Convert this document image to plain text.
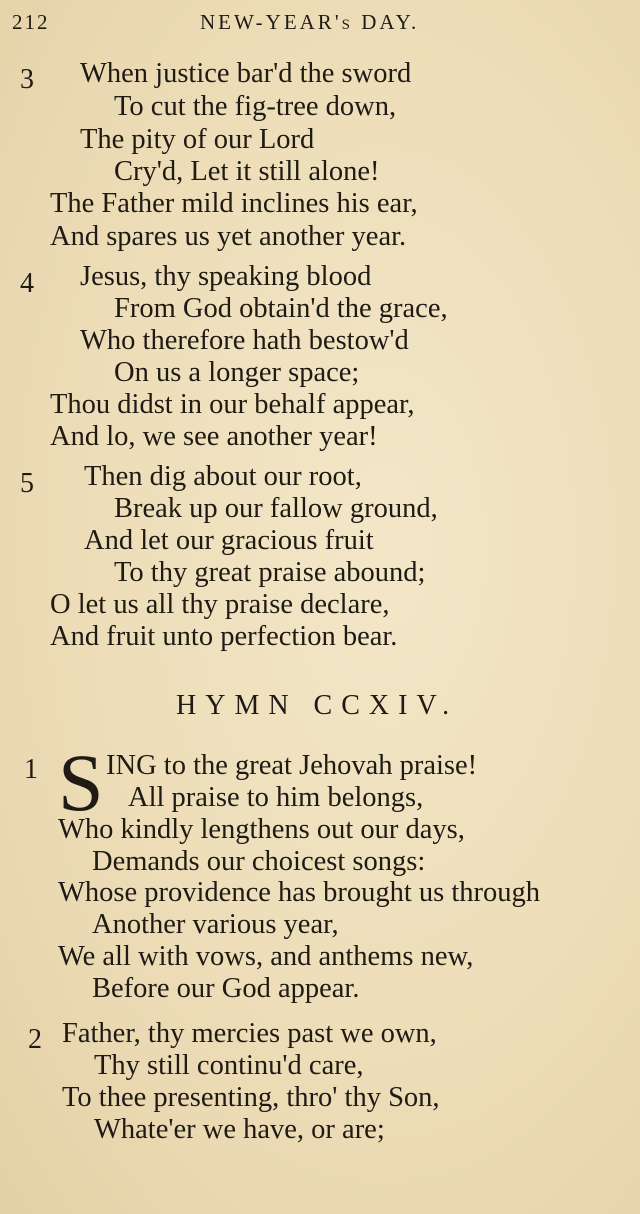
212	NEW-YEAR's DAY.
3 When justice bar'd the sword
To cut the fig-tree down,
The pity of our Lord
Cry'd, Let it still alone!
The Father mild inclines his ear,
And spares us yet another year.
4 Jesus, thy speaking blood
From God obtain'd the grace,
Who therefore hath bestow'd
On us a longer space;
Thou didst in our behalf appear,
And lo, we see another year!
5 Then dig about our root,
Break up our fallow ground,
And let our gracious fruit
To thy great praise abound;
O let us all thy praise declare,
And fruit unto perfection bear.
HYMN CCXIV.
1 S ING to the great Jehovah praise!
All praise to him belongs,
Who kindly lengthens out our days,
Demands our choicest songs:
Whose providence has brought us through
Another various year,
We all with vows, and anthems new,
Before our God appear.
2 Father, thy mercies past we own,
Thy still continu'd care,
To thee presenting, thro' thy Son,
Whate'er we have, or are;
